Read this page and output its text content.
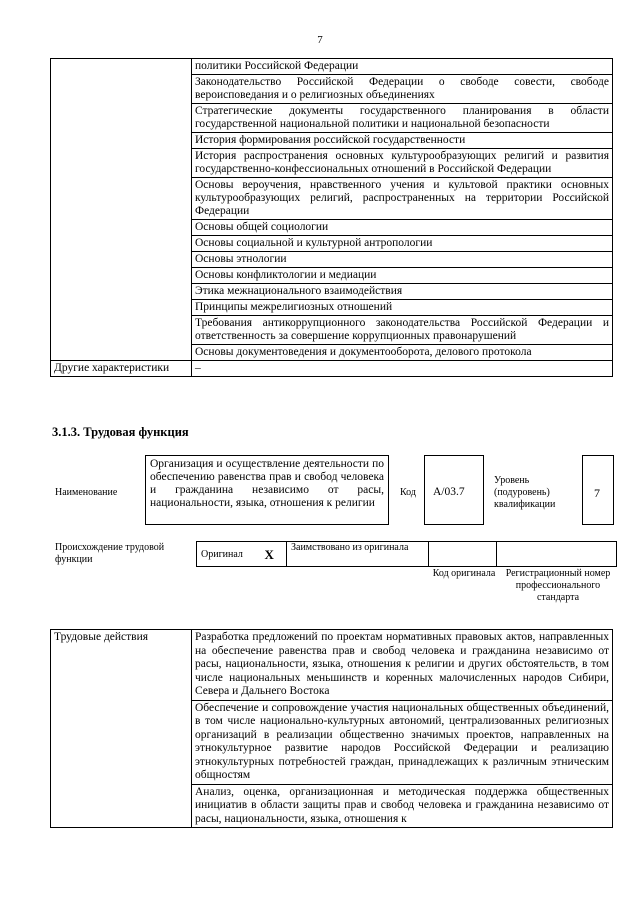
7
	политики Российской Федерации
	Законодательство Российской Федерации о свободе совести, свободе вероисповедания и о религиозных объединениях
	Стратегические документы государственного планирования в области государственной национальной политики и национальной безопасности
	История формирования российской государственности
	История распространения основных культурообразующих религий и развития государственно-конфессиональных отношений в Российской Федерации
	Основы вероучения, нравственного учения и культовой практики основных культурообразующих религий, распространенных на территории Российской Федерации
	Основы общей социологии
	Основы социальной и культурной антропологии
	Основы этнологии
	Основы конфликтологии и медиации
	Этика межнационального взаимодействия
	Принципы межрелигиозных отношений
	Требования антикоррупционного законодательства Российской Федерации и ответственность за совершение коррупционных правонарушений
	Основы документоведения и документооборота, делового протокола
Другие характеристики	–
3.1.3. Трудовая функция
Наименование
Организация и осуществление деятельности по обеспечению равенства прав и свобод человека и гражданина независимо от расы, национальности, языка, отношения к религии
Код А/03.7
Уровень (подуровень) квалификации
7
Происхождение трудовой функции	Оригинал	X	Заимствовано из оригинала		
Код оригинала	Регистрационный номер профессионального стандарта
Трудовые действия	Разработка предложений по проектам нормативных правовых актов, направленных на обеспечение равенства прав и свобод человека и гражданина независимо от расы, национальности, языка, отношения к религии и других обстоятельств, в том числе национальных меньшинств и коренных малочисленных народов Сибири, Севера и Дальнего Востока
Обеспечение и сопровождение участия национальных общественных объединений, в том числе национально-культурных автономий, централизованных религиозных организаций в реализации общественно значимых проектов, направленных на этнокультурное развитие народов Российской Федерации и реализацию этнокультурных потребностей граждан, принадлежащих к различным этническим общностям
Анализ, оценка, организационная и методическая поддержка общественных инициатив в области защиты прав и свобод человека и гражданина независимо от расы, национальности, языка, отношения к
